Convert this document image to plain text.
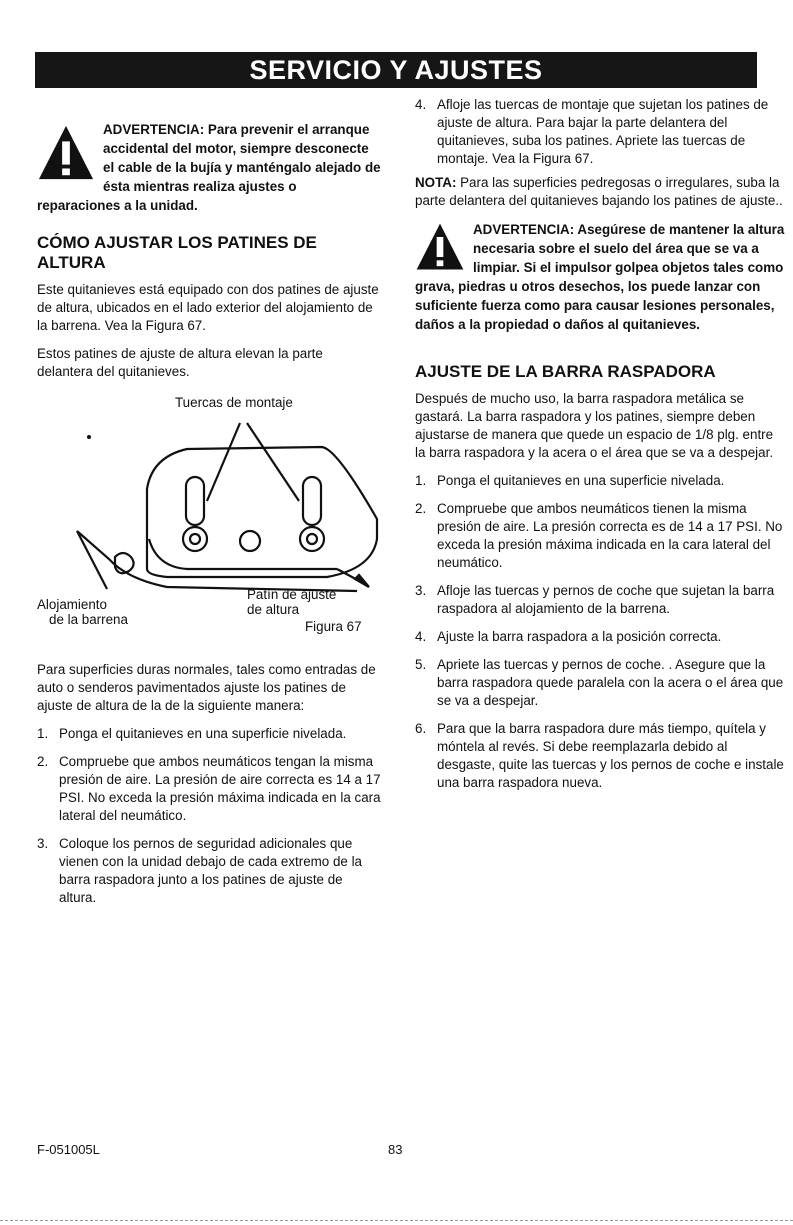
SERVICIO Y AJUSTES
ADVERTENCIA: Para prevenir el arranque accidental del motor, siempre desconecte el cable de la bujía y manténgalo alejado de ésta mientras realiza ajustes o reparaciones a la unidad.
CÓMO AJUSTAR LOS PATINES DE ALTURA

Este quitanieves está equipado con dos patines de ajuste de altura, ubicados en el lado exterior del alojamiento de la barrena. Vea la Figura 67.

Estos patines de ajuste de altura elevan la parte delantera del quitanieves.

Tuercas de montaje
Alojamiento
de la barrena
Patín de ajuste
de altura
Figura 67

Para superficies duras normales, tales como entradas de auto o senderos pavimentados ajuste los patines de ajuste de altura de la de la siguiente manera:

1. Ponga el quitanieves en una superficie nivelada.
2. Compruebe que ambos neumáticos tengan la misma presión de aire. La presión de aire correcta es 14 a 17 PSI. No exceda la presión máxima indicada en la cara lateral del neumático.
3. Coloque los pernos de seguridad adicionales que vienen con la unidad debajo de cada extremo de la barra raspadora junto a los patines de ajuste de altura.
4. Afloje las tuercas de montaje que sujetan los patines de ajuste de altura. Para bajar la parte delantera del quitanieves, suba los patines. Apriete las tuercas de montaje. Vea la Figura 67.

NOTA: Para las superficies pedregosas o irregulares, suba la parte delantera del quitanieves bajando los patines de ajuste..

ADVERTENCIA: Asegúrese de mantener la altura necesaria sobre el suelo del área que se va a limpiar. Si el impulsor golpea objetos tales como grava, piedras u otros desechos, los puede lanzar con suficiente fuerza como para causar lesiones personales, daños a la propiedad o daños al quitanieves.
AJUSTE DE LA BARRA RASPADORA

Después de mucho uso, la barra raspadora metálica se gastará. La barra raspadora y los patines, siempre deben ajustarse de manera que quede un espacio de 1/8 plg. entre la barra raspadora y la acera o el área que se va a despejar.

1. Ponga el quitanieves en una superficie nivelada.
2. Compruebe que ambos neumáticos tienen la misma presión de aire. La presión correcta es de 14 a 17 PSI. No exceda la presión máxima indicada en la cara lateral del neumático.
3. Afloje las tuercas y pernos de coche que sujetan la barra raspadora al alojamiento de la barrena.
4. Ajuste la barra raspadora a la posición correcta.
5. Apriete las tuercas y pernos de coche. . Asegure que la barra raspadora quede paralela con la acera o el área que se va a despejar.
6. Para que la barra raspadora dure más tiempo, quítela y móntela al revés. Si debe reemplazarla debido al desgaste, quite las tuercas y los pernos de coche e instale una barra raspadora nueva.
F-051005L	83
